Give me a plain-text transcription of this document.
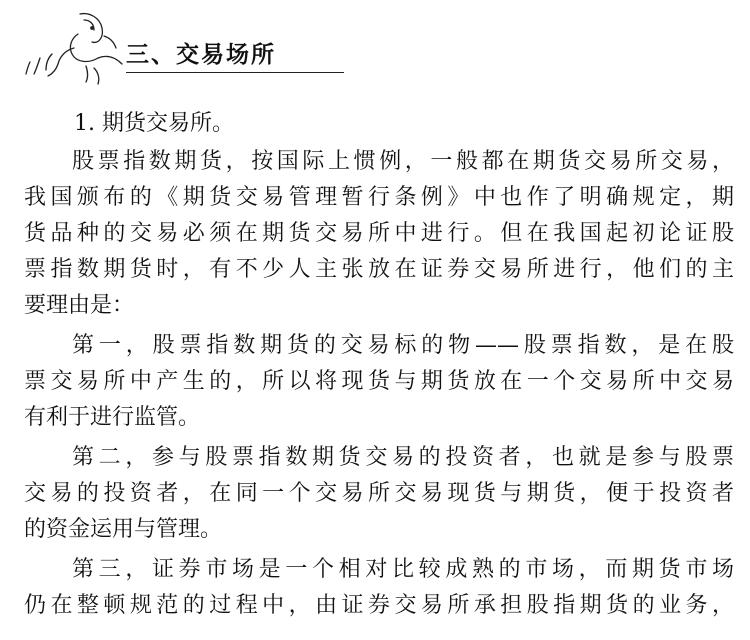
三、交易场所
1. 期货交易所。
股票指数期货，按国际上惯例，一般都在期货交易所交易，
我国颁布的《期货交易管理暂行条例》中也作了明确规定，期
货品种的交易必须在期货交易所中进行。但在我国起初论证股
票指数期货时，有不少人主张放在证券交易所进行，他们的主
要理由是：
第一，股票指数期货的交易标的物——股票指数，是在股
票交易所中产生的，所以将现货与期货放在一个交易所中交易
有利于进行监管。
第二，参与股票指数期货交易的投资者，也就是参与股票
交易的投资者，在同一个交易所交易现货与期货，便于投资者
的资金运用与管理。
第三，证券市场是一个相对比较成熟的市场，而期货市场
仍在整顿规范的过程中，由证券交易所承担股指期货的业务，
